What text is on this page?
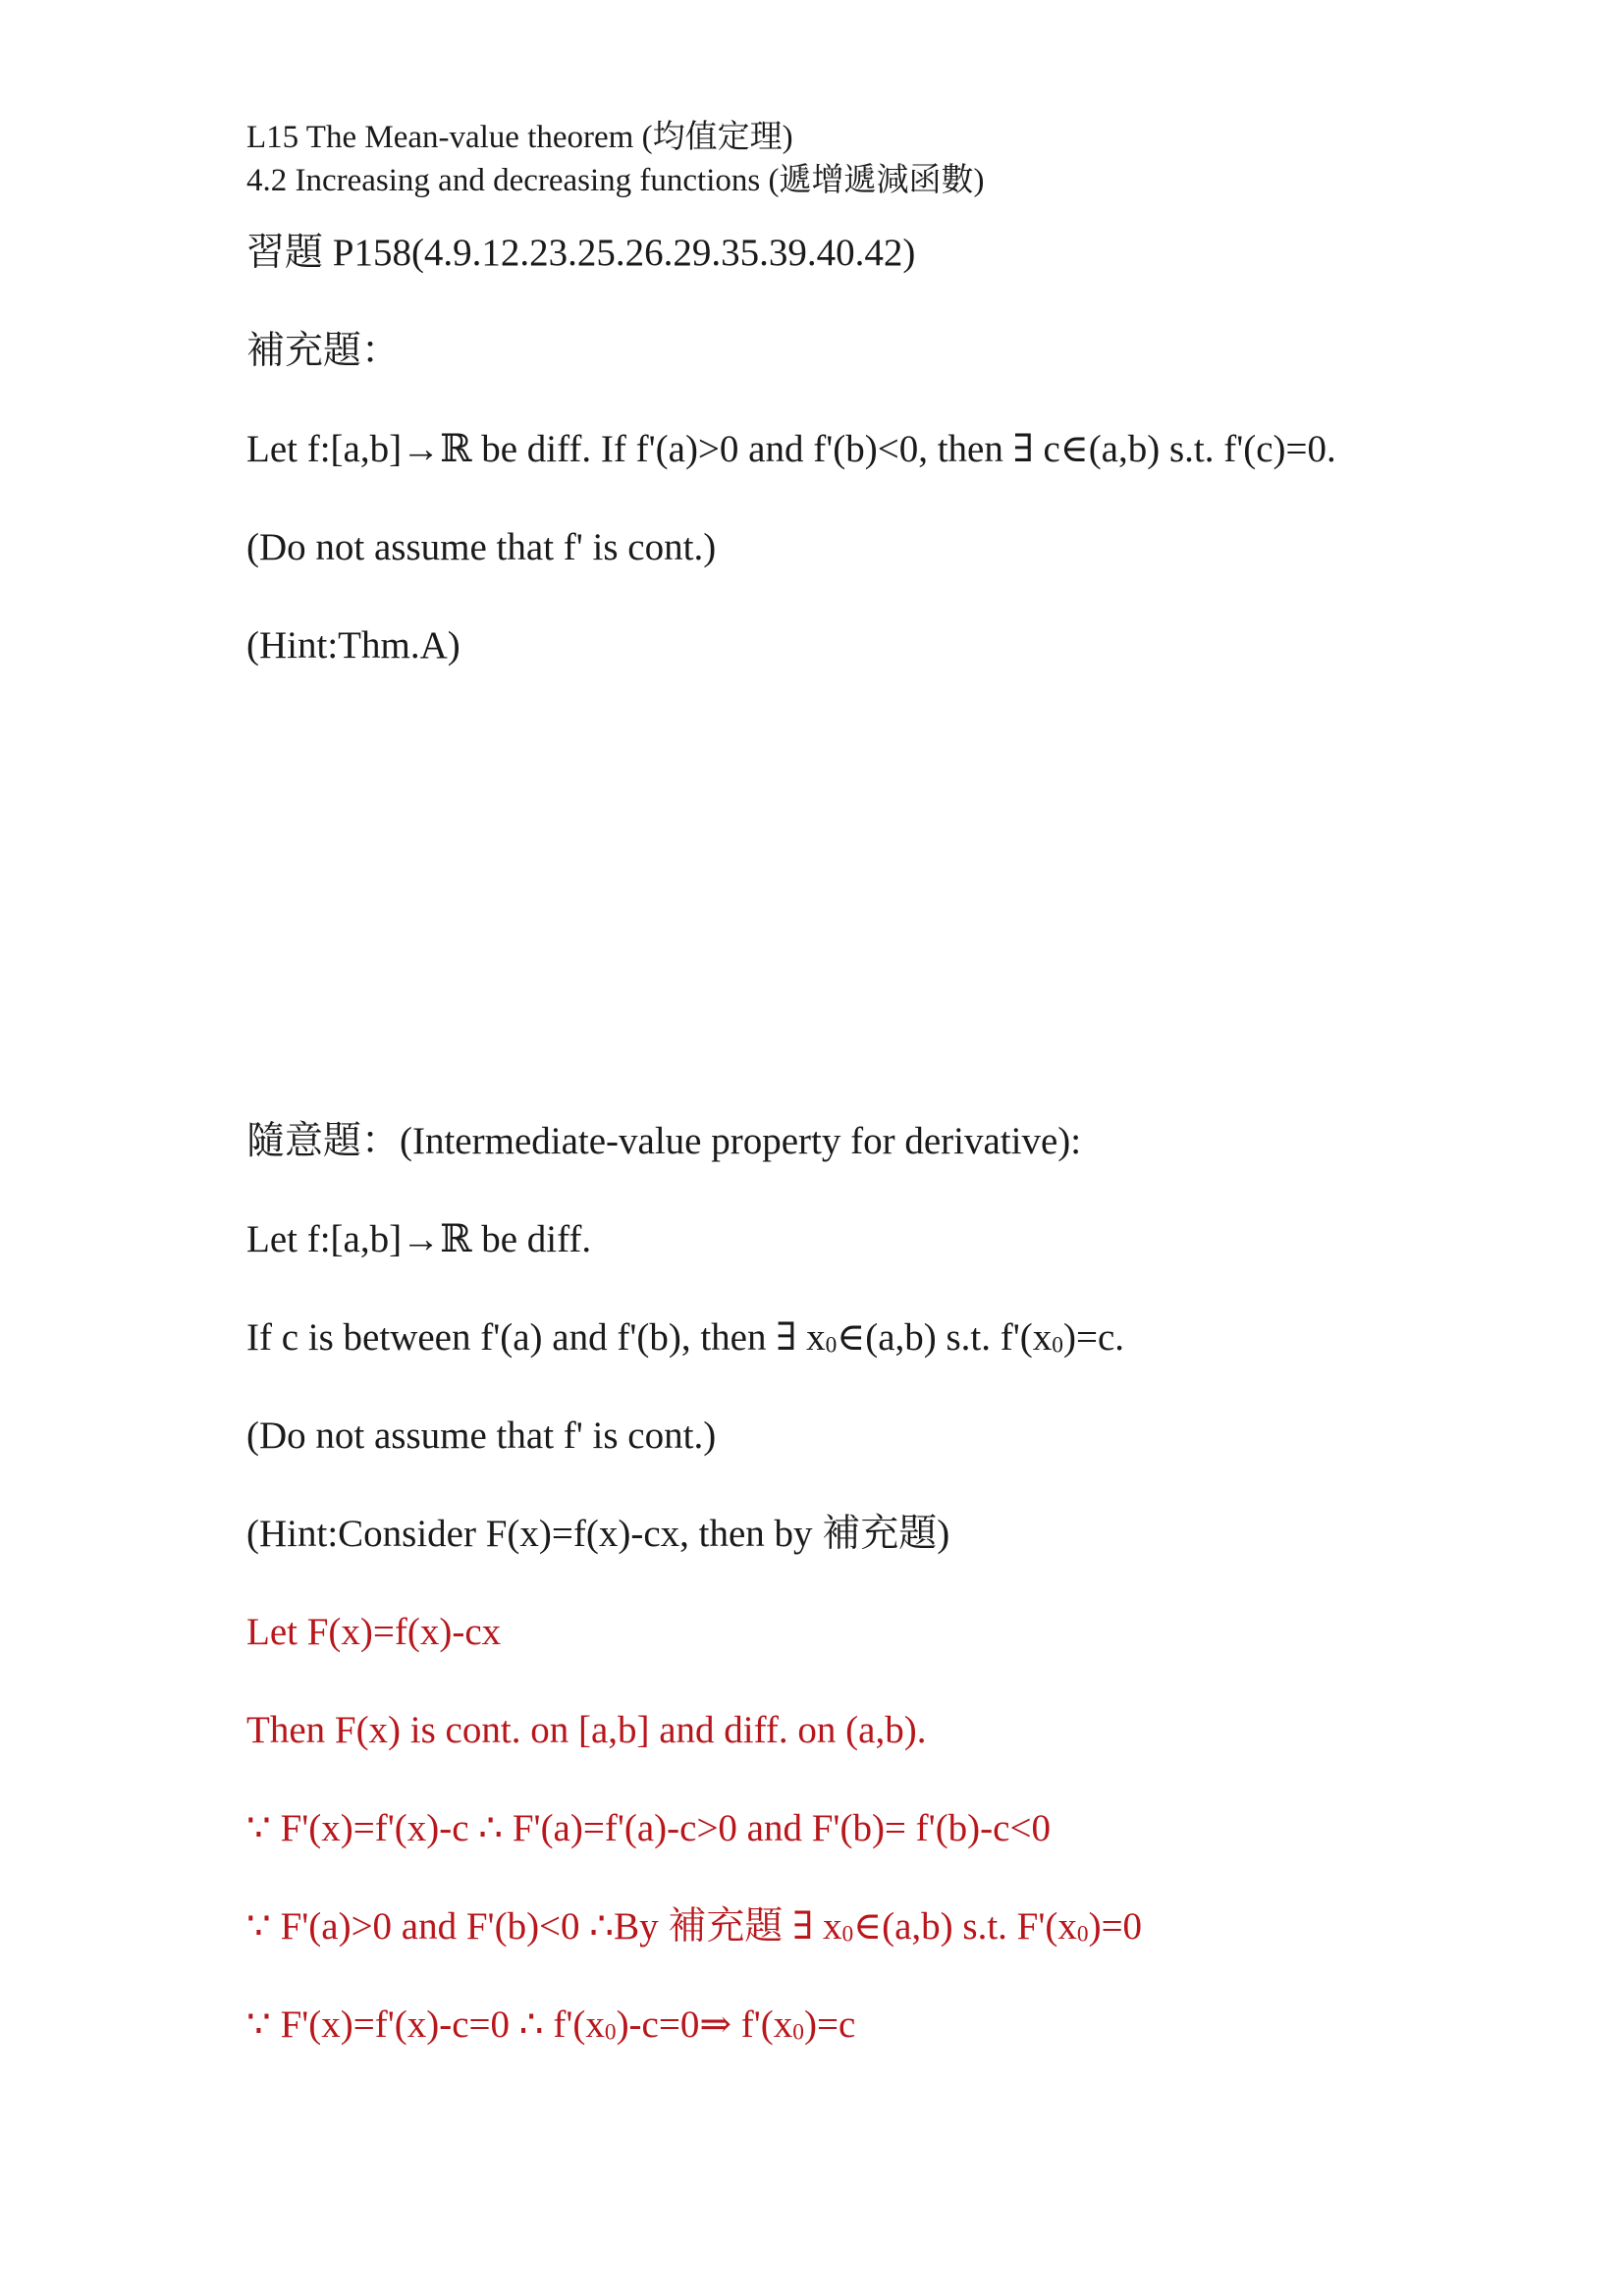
L15 The Mean-value theorem (均值定理)
4.2 Increasing and decreasing functions (遞增遞減函數)
習題 P158(4.9.12.23.25.26.29.35.39.40.42)
補充題：
Let f:[a,b]→ℝ be diff. If f'(a)>0 and f'(b)<0, then ∃ c∈(a,b) s.t. f'(c)=0.
(Do not assume that f' is cont.)
(Hint:Thm.A)
隨意題：(Intermediate-value property for derivative):
Let f:[a,b]→ℝ be diff.
If c is between f'(a) and f'(b), then ∃ x0∈(a,b) s.t. f'(x0)=c.
(Do not assume that f' is cont.)
(Hint:Consider F(x)=f(x)-cx, then by 補充題)
Let F(x)=f(x)-cx
Then F(x) is cont. on [a,b] and diff. on (a,b).
∵ F'(x)=f'(x)-c ∴ F'(a)=f'(a)-c>0 and F'(b)= f'(b)-c<0
∵ F'(a)>0 and F'(b)<0 ∴By 補充題 ∃ x0∈(a,b) s.t. F'(x0)=0
∵ F'(x)=f'(x)-c=0 ∴ f'(x0)-c=0⇒ f'(x0)=c
